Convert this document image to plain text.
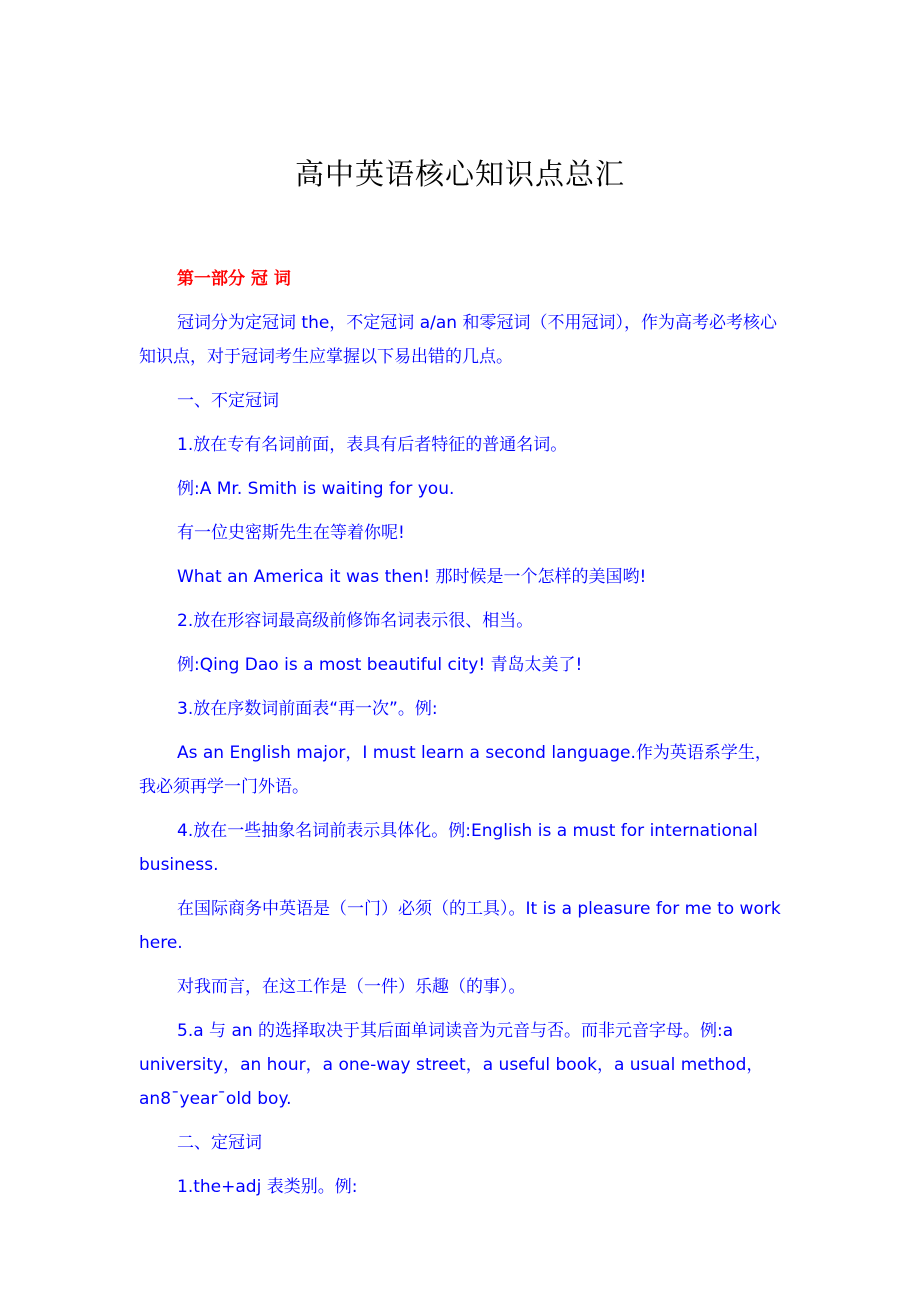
高中英语核心知识点总汇

第一部分 冠 词

冠词分为定冠词 the，不定冠词 a/an 和零冠词（不用冠词），作为高考必考核心知识点，对于冠词考生应掌握以下易出错的几点。

一、不定冠词

1.放在专有名词前面，表具有后者特征的普通名词。

例:A Mr. Smith is waiting for you.

有一位史密斯先生在等着你呢!

What an America it was then! 那时候是一个怎样的美国哟!

2.放在形容词最高级前修饰名词表示很、相当。

例:Qing Dao is a most beautiful city! 青岛太美了!

3.放在序数词前面表“再一次”。例:

As an English major，I must learn a second language.作为英语系学生，我必须再学一门外语。

4.放在一些抽象名词前表示具体化。例:English is a must for international business.

在国际商务中英语是（一门）必须（的工具）。It is a pleasure for me to work here.

对我而言，在这工作是（一件）乐趣（的事）。

5.a 与 an 的选择取决于其后面单词读音为元音与否。而非元音字母。例:a university，an hour，a one-way street，a useful book，a usual method，an8¯year¯old boy.

二、定冠词

1.the+adj 表类别。例:
